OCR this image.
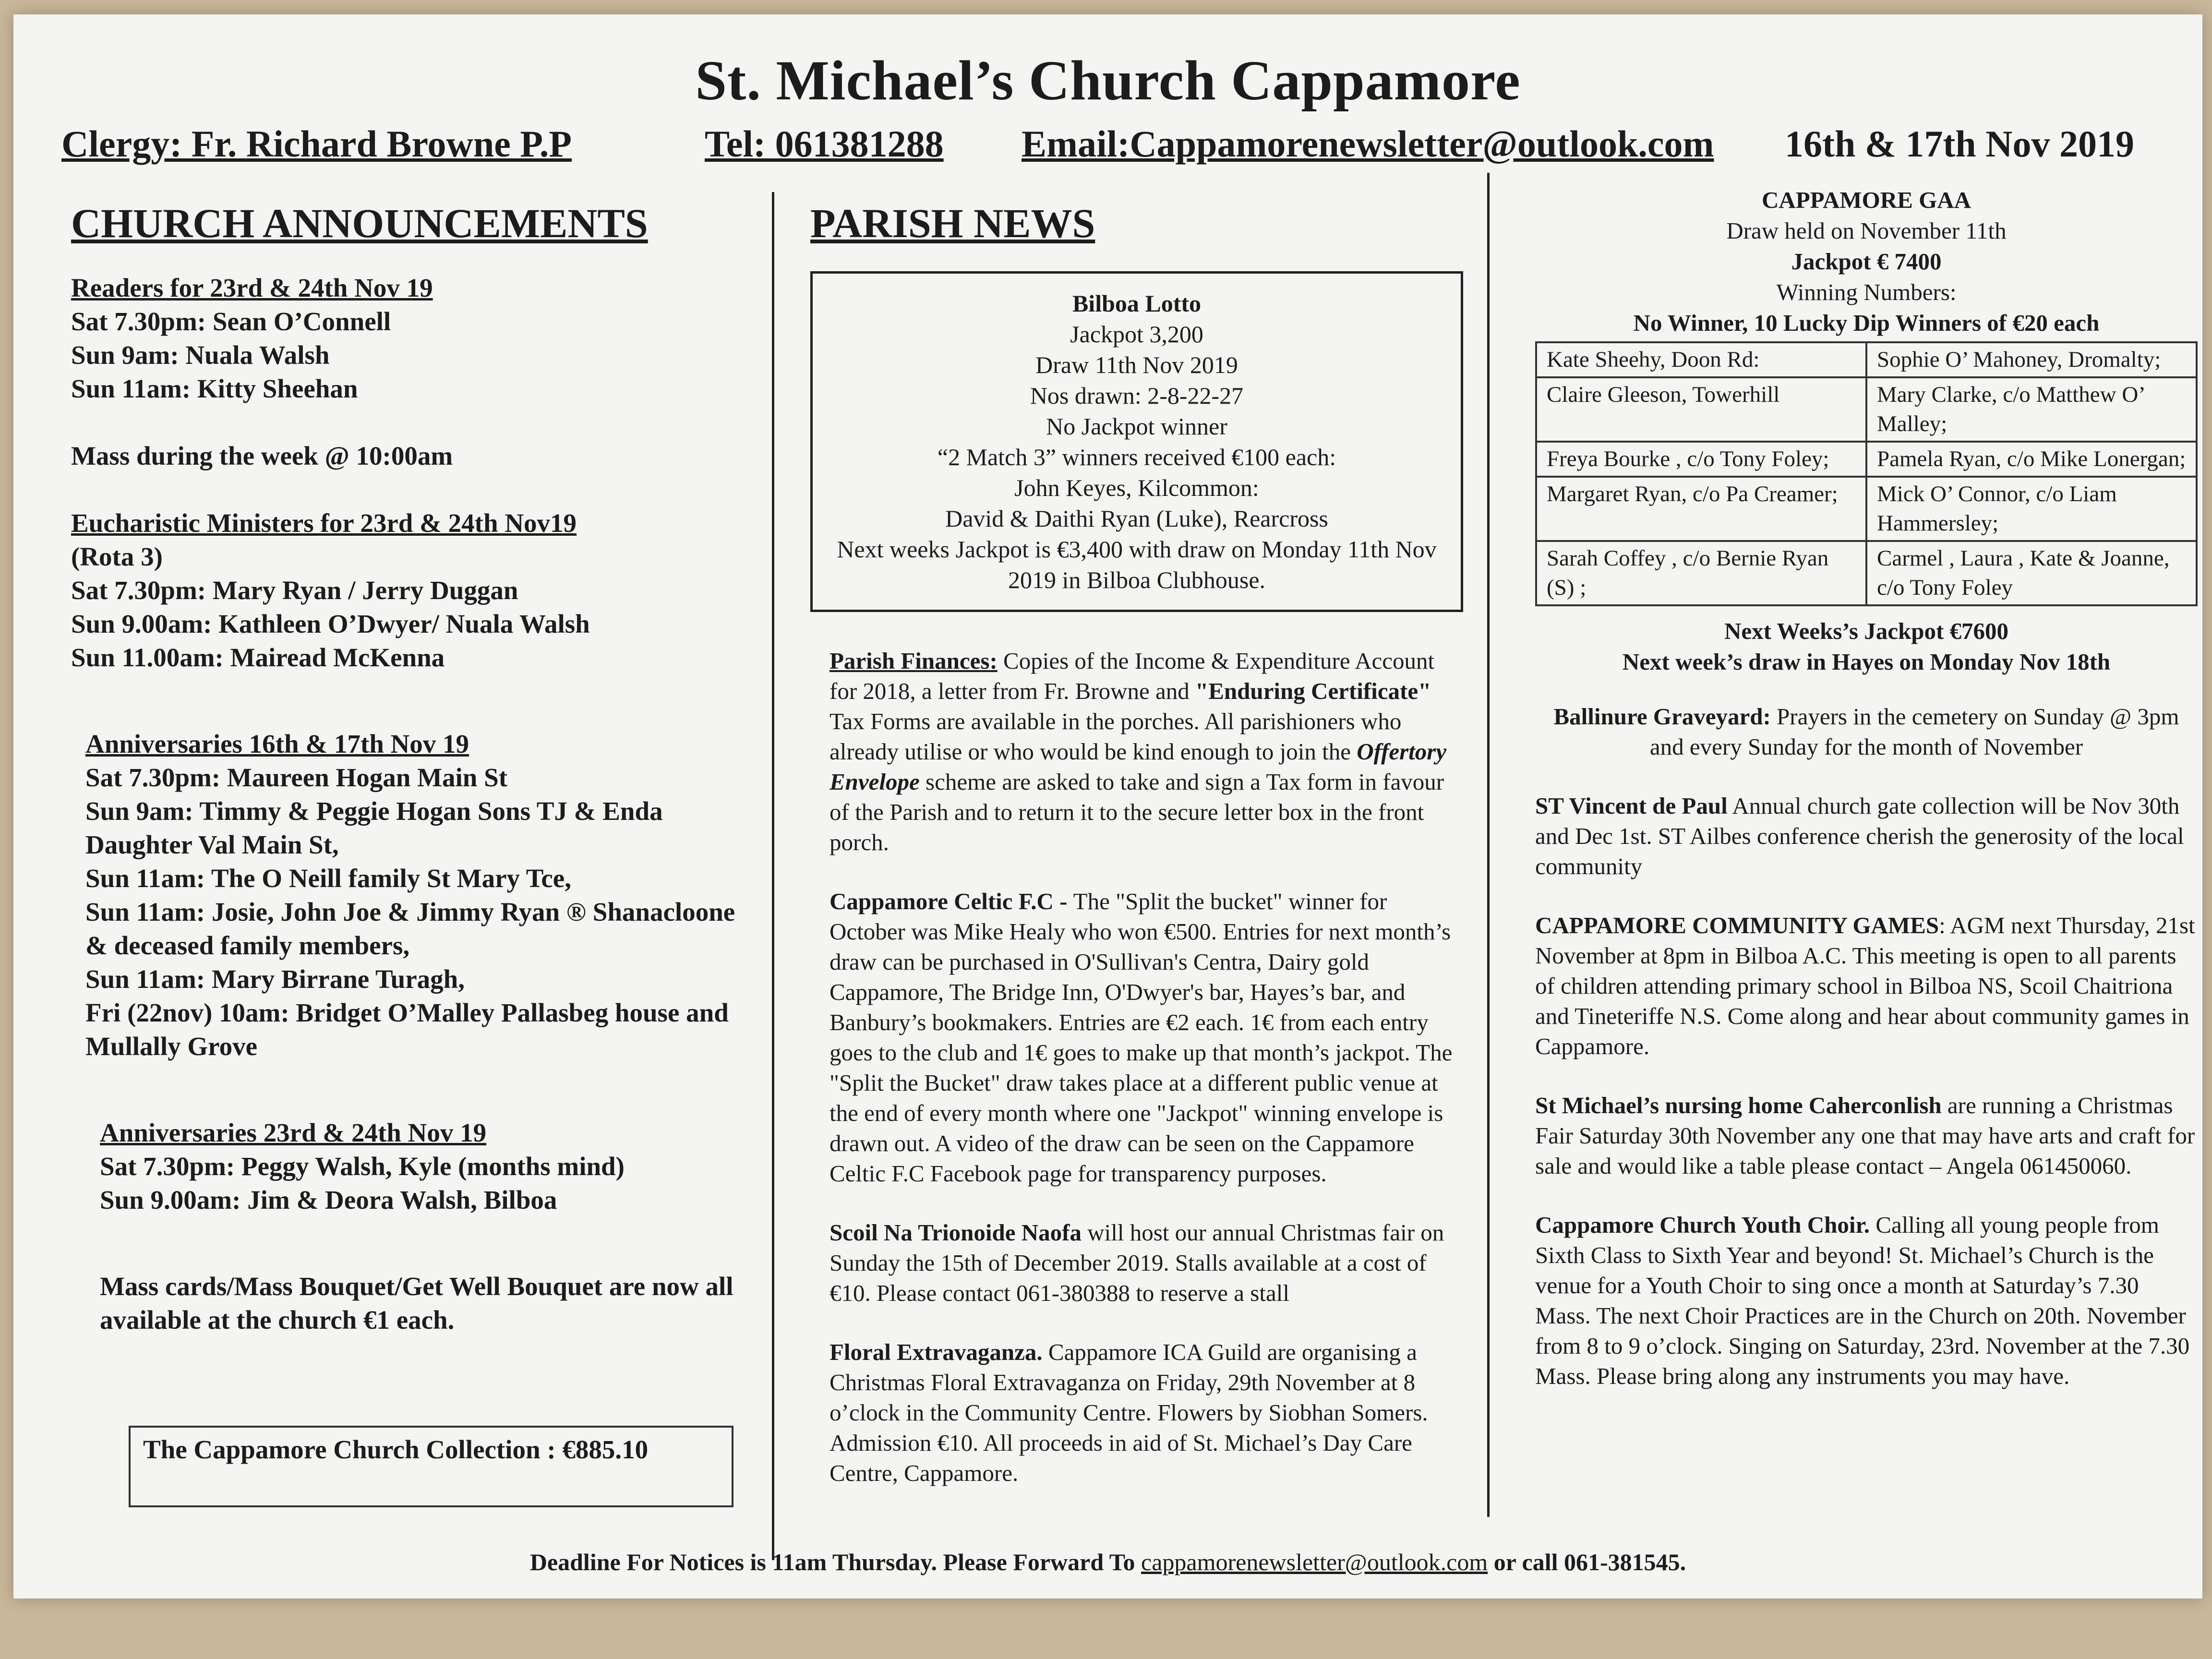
St. Michael’s Church Cappamore
Clergy: Fr. Richard Browne P.P	Tel: 061381288 Email:Cappamorenewsletter@outlook.com 16th & 17th Nov 2019
CHURCH ANNOUNCEMENTS
Readers for 23rd & 24th Nov 19
Sat 7.30pm: Sean O’Connell
Sun 9am: Nuala Walsh
Sun 11am: Kitty Sheehan
Mass during the week @ 10:00am
Eucharistic Ministers for 23rd & 24th Nov19
(Rota 3)
Sat 7.30pm: Mary Ryan / Jerry Duggan
Sun 9.00am: Kathleen O’Dwyer/ Nuala Walsh
Sun 11.00am: Mairead McKenna
Anniversaries 16th & 17th Nov 19
Sat 7.30pm: Maureen Hogan Main St
Sun 9am: Timmy & Peggie Hogan Sons TJ & Enda Daughter Val Main St,
Sun 11am: The O Neill family St Mary Tce,
Sun 11am: Josie, John Joe & Jimmy Ryan ® Shanacloone & deceased family members,
Sun 11am: Mary Birrane Turagh,
Fri (22nov) 10am: Bridget O’Malley Pallasbeg house and Mullally Grove
Anniversaries 23rd & 24th Nov 19
Sat 7.30pm: Peggy Walsh, Kyle (months mind)
Sun 9.00am: Jim & Deora Walsh, Bilboa
Mass cards/Mass Bouquet/Get Well Bouquet are now all available at the church €1 each.
The Cappamore Church Collection : €885.10
PARISH NEWS
Bilboa Lotto
Jackpot 3,200
Draw 11th Nov 2019
Nos drawn: 2-8-22-27
No Jackpot winner
“2 Match 3” winners received €100 each:
John Keyes, Kilcommon:
David & Daithi Ryan (Luke), Rearcross
Next weeks Jackpot is €3,400 with draw on Monday 11th Nov 2019 in Bilboa Clubhouse.
Parish Finances: Copies of the Income & Expenditure Account for 2018, a letter from Fr. Browne and "Enduring Certificate" Tax Forms are available in the porches. All parishioners who already utilise or who would be kind enough to join the Offertory Envelope scheme are asked to take and sign a Tax form in favour of the Parish and to return it to the secure letter box in the front porch.
Cappamore Celtic F.C - The "Split the bucket" winner for October was Mike Healy who won €500. Entries for next month’s draw can be purchased in O'Sullivan's Centra, Dairy gold Cappamore, The Bridge Inn, O'Dwyer's bar, Hayes’s bar, and Banbury’s bookmakers. Entries are €2 each. 1€ from each entry goes to the club and 1€ goes to make up that month’s jackpot. The "Split the Bucket" draw takes place at a different public venue at the end of every month where one "Jackpot" winning envelope is drawn out. A video of the draw can be seen on the Cappamore Celtic F.C Facebook page for transparency purposes.
Scoil Na Trionoide Naofa will host our annual Christmas fair on Sunday the 15th of December 2019. Stalls available at a cost of €10. Please contact 061-380388 to reserve a stall
Floral Extravaganza. Cappamore ICA Guild are organising a Christmas Floral Extravaganza on Friday, 29th November at 8 o’clock in the Community Centre. Flowers by Siobhan Somers. Admission €10. All proceeds in aid of St. Michael’s Day Care Centre, Cappamore.
CAPPAMORE GAA
Draw held on November 11th
Jackpot € 7400
Winning Numbers:
No Winner, 10 Lucky Dip Winners of €20 each
Kate Sheehy, Doon Rd:	Sophie O’ Mahoney, Dromalty;
Claire Gleeson, Towerhill	Mary Clarke, c/o Matthew O’ Malley;
Freya Bourke , c/o Tony Foley;	Pamela Ryan, c/o Mike Lonergan;
Margaret Ryan, c/o Pa Creamer;	Mick O’ Connor, c/o Liam Hammersley;
Sarah Coffey , c/o Bernie Ryan (S) ;	Carmel , Laura , Kate & Joanne, c/o Tony Foley
Next Weeks’s Jackpot €7600
Next week’s draw in Hayes on Monday Nov 18th
Ballinure Graveyard: Prayers in the cemetery on Sunday @ 3pm and every Sunday for the month of November
ST Vincent de Paul Annual church gate collection will be Nov 30th and Dec 1st. ST Ailbes conference cherish the generosity of the local community
CAPPAMORE COMMUNITY GAMES: AGM next Thursday, 21st November at 8pm in Bilboa A.C. This meeting is open to all parents of children attending primary school in Bilboa NS, Scoil Chaitriona and Tineteriffe N.S. Come along and hear about community games in Cappamore.
St Michael’s nursing home Caherconlish are running a Christmas Fair Saturday 30th November any one that may have arts and craft for sale and would like a table please contact – Angela 061450060.
Cappamore Church Youth Choir. Calling all young people from Sixth Class to Sixth Year and beyond! St. Michael’s Church is the venue for a Youth Choir to sing once a month at Saturday’s 7.30 Mass. The next Choir Practices are in the Church on 20th. November from 8 to 9 o’clock. Singing on Saturday, 23rd. November at the 7.30 Mass. Please bring along any instruments you may have.
Deadline For Notices is 11am Thursday. Please Forward To cappamorenewsletter@outlook.com or call 061-381545.
